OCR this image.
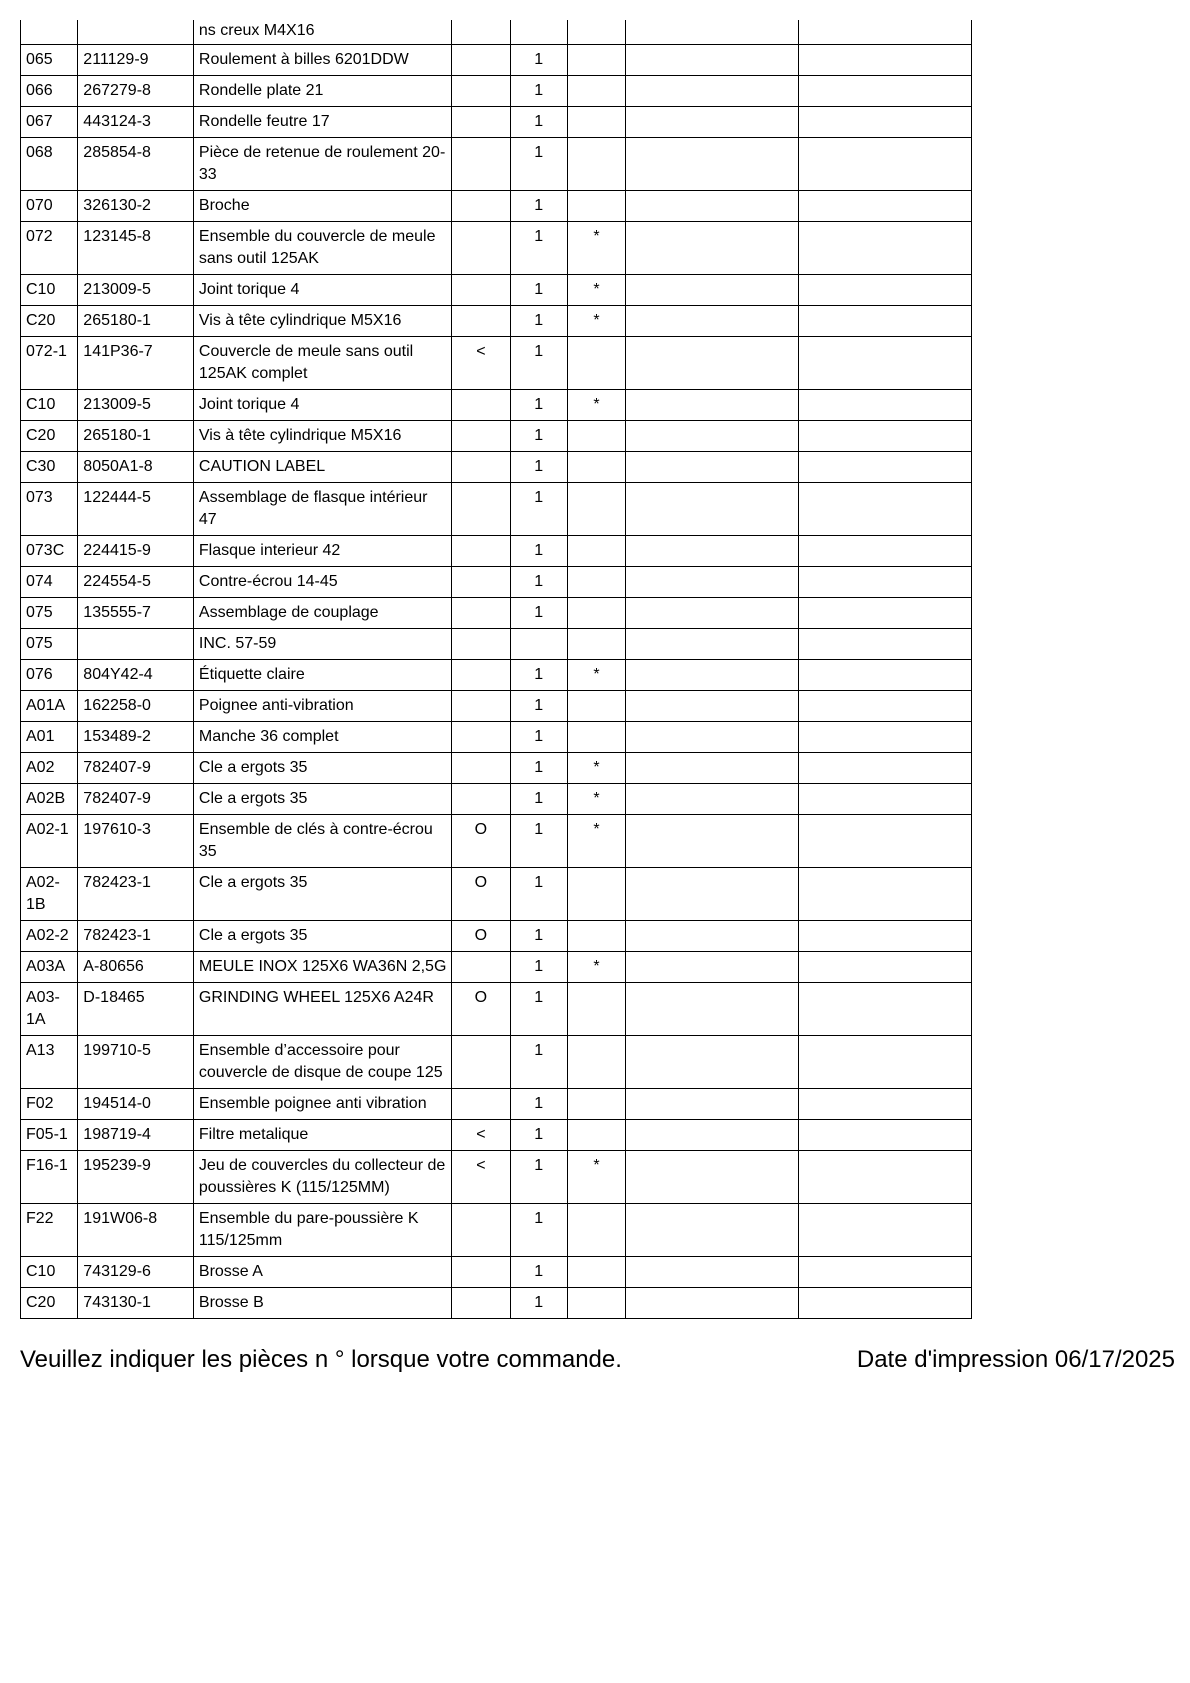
		ns creux M4X16					
065	211129-9	Roulement à billes 6201DDW		1			
066	267279-8	Rondelle plate 21		1			
067	443124-3	Rondelle feutre 17		1			
068	285854-8	Pièce de retenue de roulement 20-33		1			
070	326130-2	Broche		1			
072	123145-8	Ensemble du couvercle de meule sans outil 125AK		1	*		
C10	213009-5	Joint torique 4		1	*		
C20	265180-1	Vis à tête cylindrique M5X16		1	*		
072-1	141P36-7	Couvercle de meule sans outil 125AK complet	<	1			
C10	213009-5	Joint torique 4		1	*		
C20	265180-1	Vis à tête cylindrique M5X16		1			
C30	8050A1-8	CAUTION LABEL		1			
073	122444-5	Assemblage de flasque intérieur 47		1			
073C	224415-9	Flasque interieur 42		1			
074	224554-5	Contre-écrou 14-45		1			
075	135555-7	Assemblage de couplage		1			
075		INC. 57-59					
076	804Y42-4	Étiquette claire		1	*		
A01A	162258-0	Poignee anti-vibration		1			
A01	153489-2	Manche 36 complet		1			
A02	782407-9	Cle a ergots 35		1	*		
A02B	782407-9	Cle a ergots 35		1	*		
A02-1	197610-3	Ensemble de clés à contre-écrou 35	O	1	*		
A02-1B	782423-1	Cle a ergots 35	O	1			
A02-2	782423-1	Cle a ergots 35	O	1			
A03A	A-80656	MEULE INOX 125X6 WA36N 2,5G		1	*		
A03-1A	D-18465	GRINDING WHEEL 125X6 A24R	O	1			
A13	199710-5	Ensemble d’accessoire pour couvercle de disque de coupe 125		1			
F02	194514-0	Ensemble poignee anti vibration		1			
F05-1	198719-4	Filtre metalique	<	1			
F16-1	195239-9	Jeu de couvercles du collecteur de poussières K (115/125MM)	<	1	*		
F22	191W06-8	Ensemble du pare-poussière K 115/125mm		1			
C10	743129-6	Brosse A		1			
C20	743130-1	Brosse B		1			
Veuillez indiquer les pièces n ° lorsque votre commande.	Date d'impression 06/17/2025
